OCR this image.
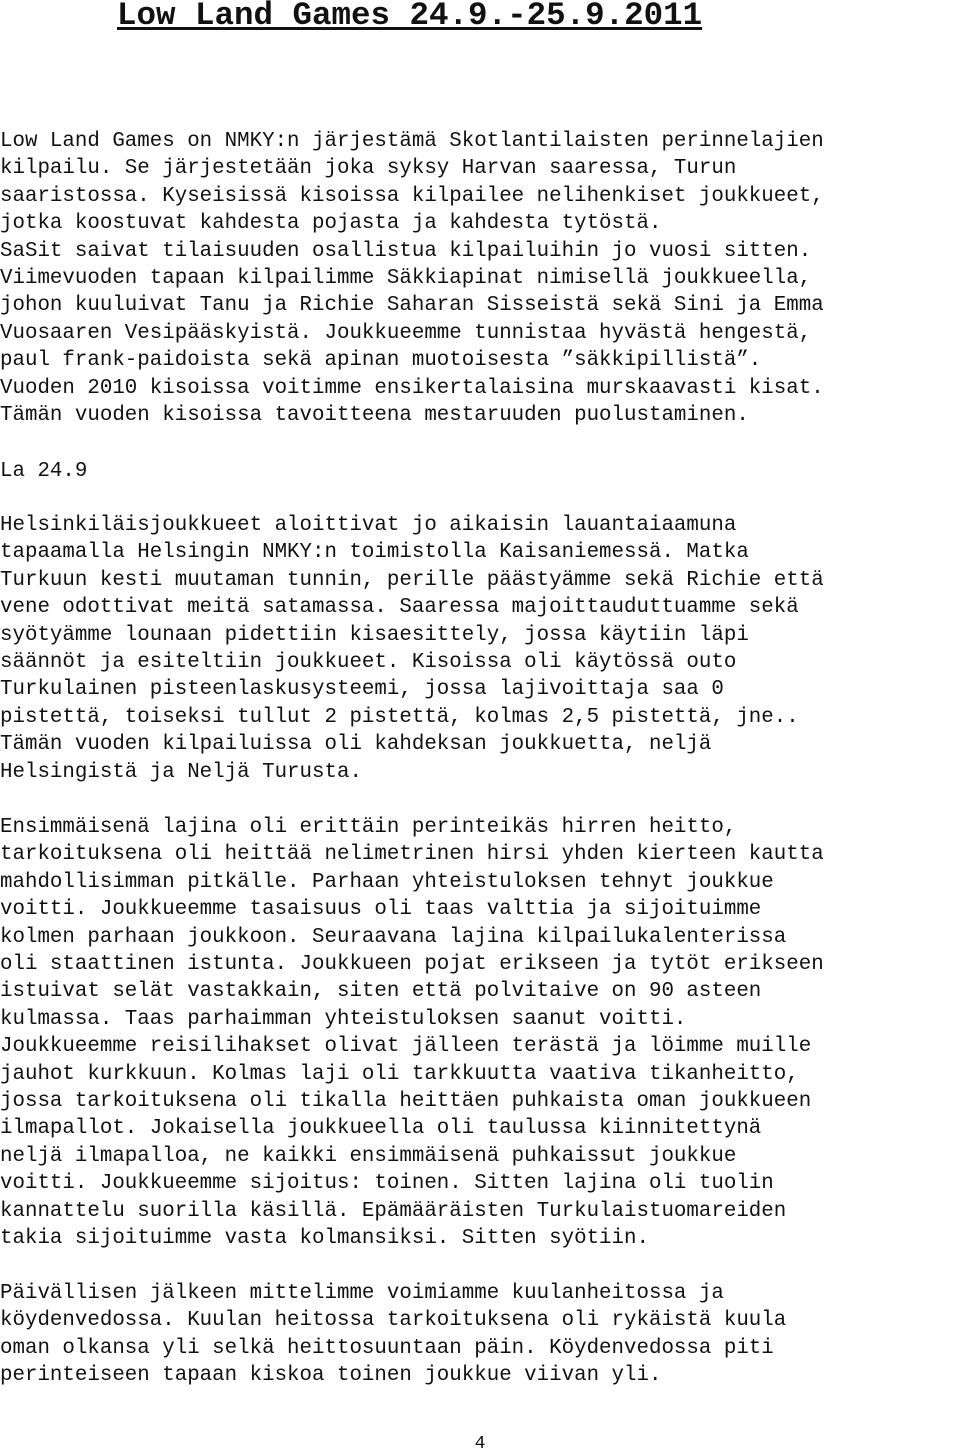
Low Land Games 24.9.-25.9.2011

Low Land Games on NMKY:n järjestämä Skotlantilaisten perinnelajien
kilpailu. Se järjestetään joka syksy Harvan saaressa, Turun
saaristossa. Kyseisissä kisoissa kilpailee nelihenkiset joukkueet,
jotka koostuvat kahdesta pojasta ja kahdesta tytöstä.
SaSit saivat tilaisuuden osallistua kilpailuihin jo vuosi sitten.
Viimevuoden tapaan kilpailimme Säkkiapinat nimisellä joukkueella,
johon kuuluivat Tanu ja Richie Saharan Sisseistä sekä Sini ja Emma
Vuosaaren Vesipääskyistä. Joukkueemme tunnistaa hyvästä hengestä,
paul frank-paidoista sekä apinan muotoisesta ”säkkipillistä”.
Vuoden 2010 kisoissa voitimme ensikertalaisina murskaavasti kisat.
Tämän vuoden kisoissa tavoitteena mestaruuden puolustaminen.

La 24.9

Helsinkiläisjoukkueet aloittivat jo aikaisin lauantaiaamuna
tapaamalla Helsingin NMKY:n toimistolla Kaisaniemessä. Matka
Turkuun kesti muutaman tunnin, perille päästyämme sekä Richie että
vene odottivat meitä satamassa. Saaressa majoittauduttuamme sekä
syötyämme lounaan pidettiin kisaesittely, jossa käytiin läpi
säännöt ja esiteltiin joukkueet. Kisoissa oli käytössä outo
Turkulainen pisteenlaskusysteemi, jossa lajivoittaja saa 0
pistettä, toiseksi tullut 2 pistettä, kolmas 2,5 pistettä, jne..
Tämän vuoden kilpailuissa oli kahdeksan joukkuetta, neljä
Helsingistä ja Neljä Turusta.

Ensimmäisenä lajina oli erittäin perinteikäs hirren heitto,
tarkoituksena oli heittää nelimetrinen hirsi yhden kierteen kautta
mahdollisimman pitkälle. Parhaan yhteistuloksen tehnyt joukkue
voitti. Joukkueemme tasaisuus oli taas valttia ja sijoituimme
kolmen parhaan joukkoon. Seuraavana lajina kilpailukalenterissa
oli staattinen istunta. Joukkueen pojat erikseen ja tytöt erikseen
istuivat selät vastakkain, siten että polvitaive on 90 asteen
kulmassa. Taas parhaimman yhteistuloksen saanut voitti.
Joukkueemme reisilihakset olivat jälleen terästä ja löimme muille
jauhot kurkkuun. Kolmas laji oli tarkkuutta vaativa tikanheitto,
jossa tarkoituksena oli tikalla heittäen puhkaista oman joukkueen
ilmapallot. Jokaisella joukkueella oli taulussa kiinnitettynä
neljä ilmapalloa, ne kaikki ensimmäisenä puhkaissut joukkue
voitti. Joukkueemme sijoitus: toinen. Sitten lajina oli tuolin
kannattelu suorilla käsillä. Epämääräisten Turkulaistuomareiden
takia sijoituimme vasta kolmansiksi. Sitten syötiin.

Päivällisen jälkeen mittelimme voimiamme kuulanheitossa ja
köydenvedossa. Kuulan heitossa tarkoituksena oli rykäistä kuula
oman olkansa yli selkä heittosuuntaan päin. Köydenvedossa piti
perinteiseen tapaan kiskoa toinen joukkue viivan yli.

4
